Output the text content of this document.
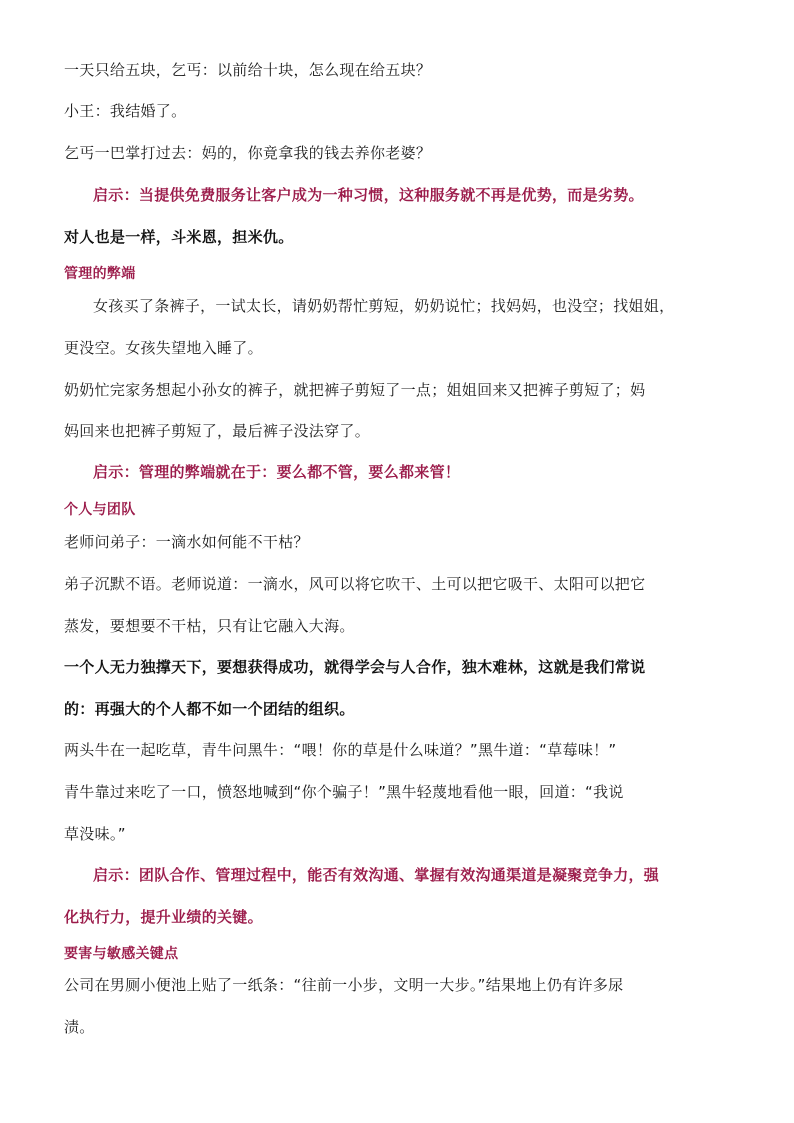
一天只给五块，乞丐：以前给十块，怎么现在给五块？
小王：我结婚了。
乞丐一巴掌打过去：妈的，你竟拿我的钱去养你老婆？
启示：当提供免费服务让客户成为一种习惯，这种服务就不再是优势，而是劣势。
对人也是一样，斗米恩，担米仇。
管理的弊端
女孩买了条裤子，一试太长，请奶奶帮忙剪短，奶奶说忙；找妈妈，也没空；找姐姐，
更没空。女孩失望地入睡了。
奶奶忙完家务想起小孙女的裤子，就把裤子剪短了一点；姐姐回来又把裤子剪短了；妈
妈回来也把裤子剪短了，最后裤子没法穿了。
启示：管理的弊端就在于：要么都不管，要么都来管！
个人与团队
老师问弟子：一滴水如何能不干枯？
弟子沉默不语。老师说道：一滴水，风可以将它吹干、土可以把它吸干、太阳可以把它
蒸发，要想要不干枯，只有让它融入大海。
一个人无力独撑天下，要想获得成功，就得学会与人合作，独木难林，这就是我们常说
的：再强大的个人都不如一个团结的组织。
两头牛在一起吃草，青牛问黑牛：“喂！你的草是什么味道？”黑牛道：“草莓味！”
青牛靠过来吃了一口，愤怒地喊到“你个骗子！”黑牛轻蔑地看他一眼，回道：“我说
草没味。”
启示：团队合作、管理过程中，能否有效沟通、掌握有效沟通渠道是凝聚竞争力，强
化执行力，提升业绩的关键。
要害与敏感关键点
公司在男厕小便池上贴了一纸条：“往前一小步，文明一大步。”结果地上仍有许多尿
渍。
